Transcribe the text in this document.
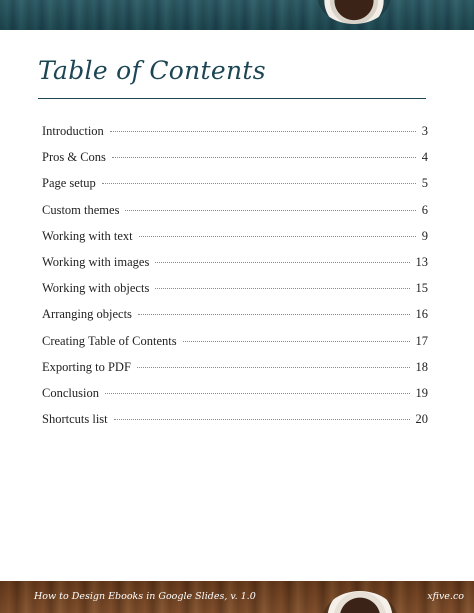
Table of Contents
Introduction	3
Pros & Cons	4
Page setup	5
Custom themes	6
Working with text	9
Working with images	13
Working with objects	15
Arranging objects	16
Creating Table of Contents	17
Exporting to PDF	18
Conclusion	19
Shortcuts list	20
How to Design Ebooks in Google Slides, v. 1.0	xfive.co
